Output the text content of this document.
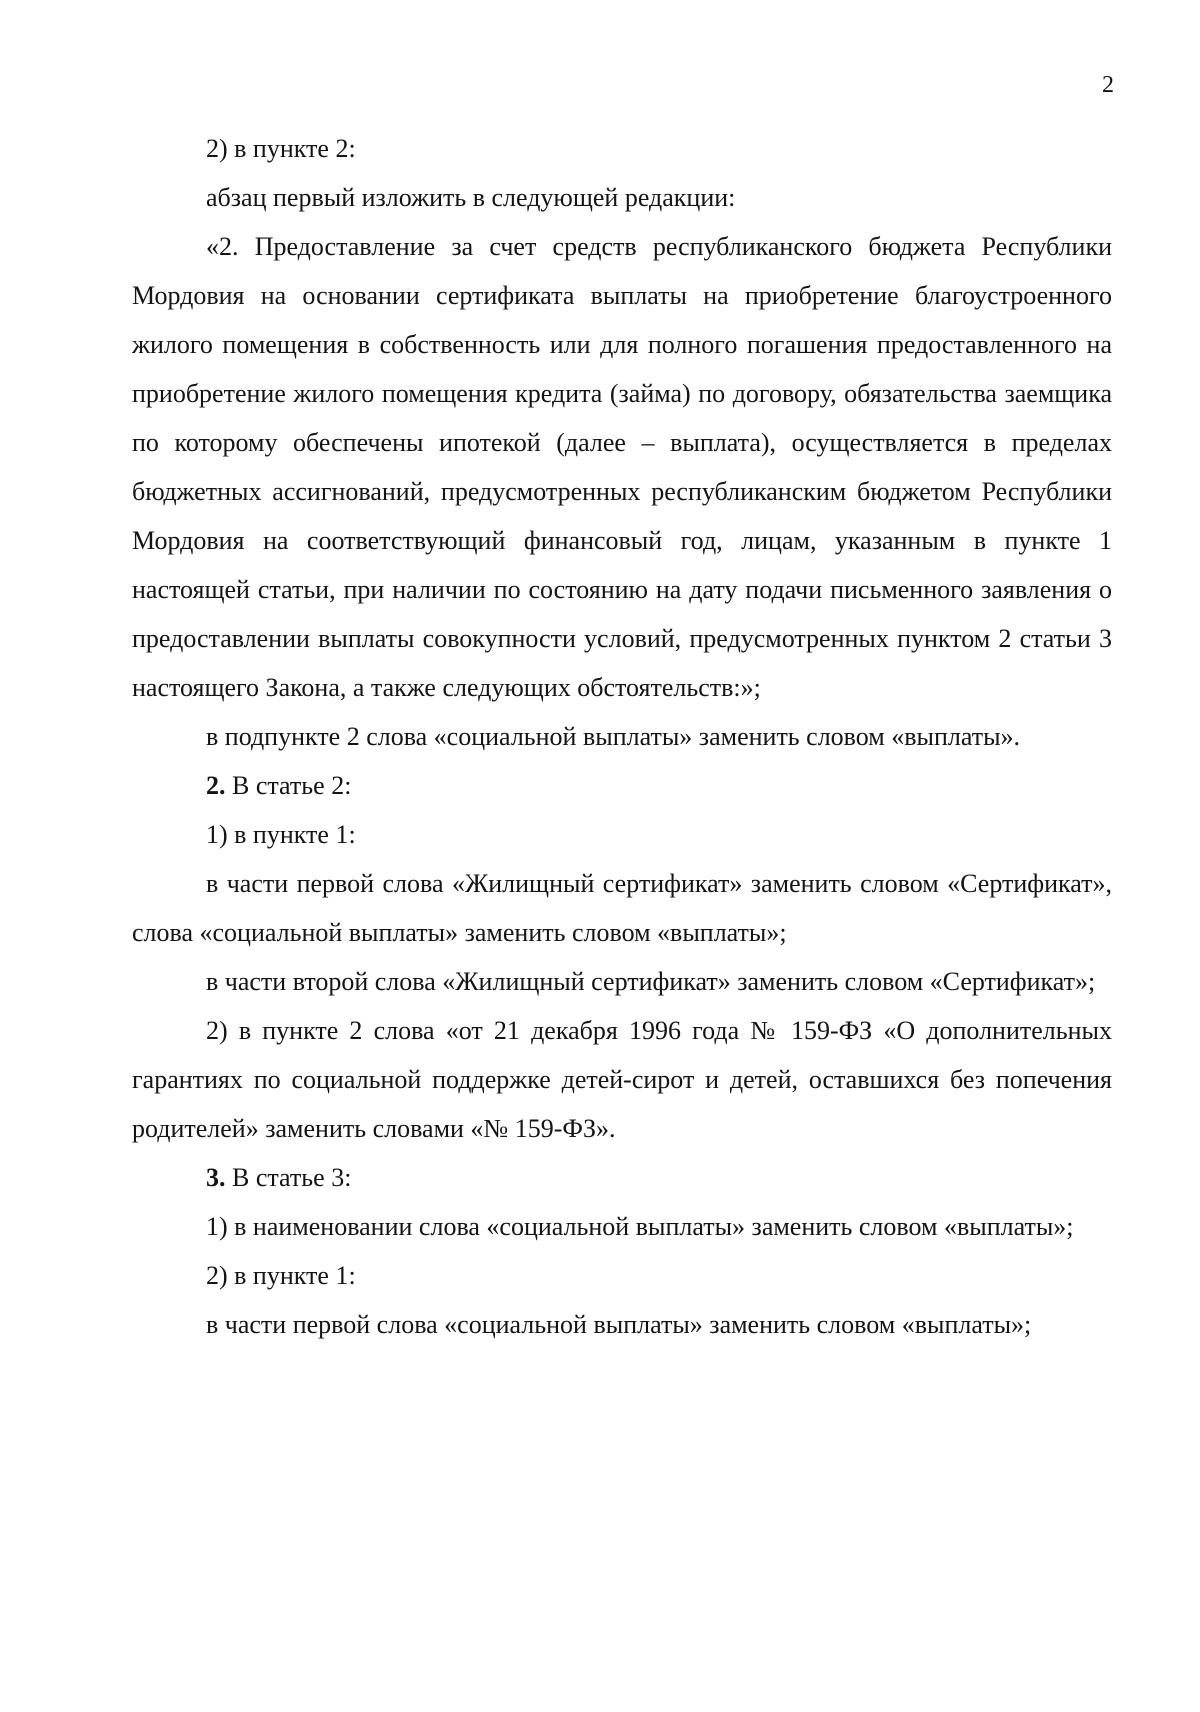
2

2) в пункте 2:

абзац первый изложить в следующей редакции:

«2. Предоставление за счет средств республиканского бюджета Республики Мордовия на основании сертификата выплаты на приобретение благоустроенного жилого помещения в собственность или для полного погашения предоставленного на приобретение жилого помещения кредита (займа) по договору, обязательства заемщика по которому обеспечены ипотекой (далее – выплата), осуществляется в пределах бюджетных ассигнований, предусмотренных республиканским бюджетом Республики Мордовия на соответствующий финансовый год, лицам, указанным в пункте 1 настоящей статьи, при наличии по состоянию на дату подачи письменного заявления о предоставлении выплаты совокупности условий, предусмотренных пунктом 2 статьи 3 настоящего Закона, а также следующих обстоятельств:»;

в подпункте 2 слова «социальной выплаты» заменить словом «выплаты».

2. В статье 2:

1) в пункте 1:

в части первой слова «Жилищный сертификат» заменить словом «Сертификат», слова «социальной выплаты» заменить словом «выплаты»;

в части второй слова «Жилищный сертификат» заменить словом «Сертификат»;

2) в пункте 2 слова «от 21 декабря 1996 года № 159-ФЗ «О дополнительных гарантиях по социальной поддержке детей-сирот и детей, оставшихся без попечения родителей» заменить словами «№ 159-ФЗ».

3. В статье 3:

1) в наименовании слова «социальной выплаты» заменить словом «выплаты»;

2) в пункте 1:

в части первой слова «социальной выплаты» заменить словом «выплаты»;
